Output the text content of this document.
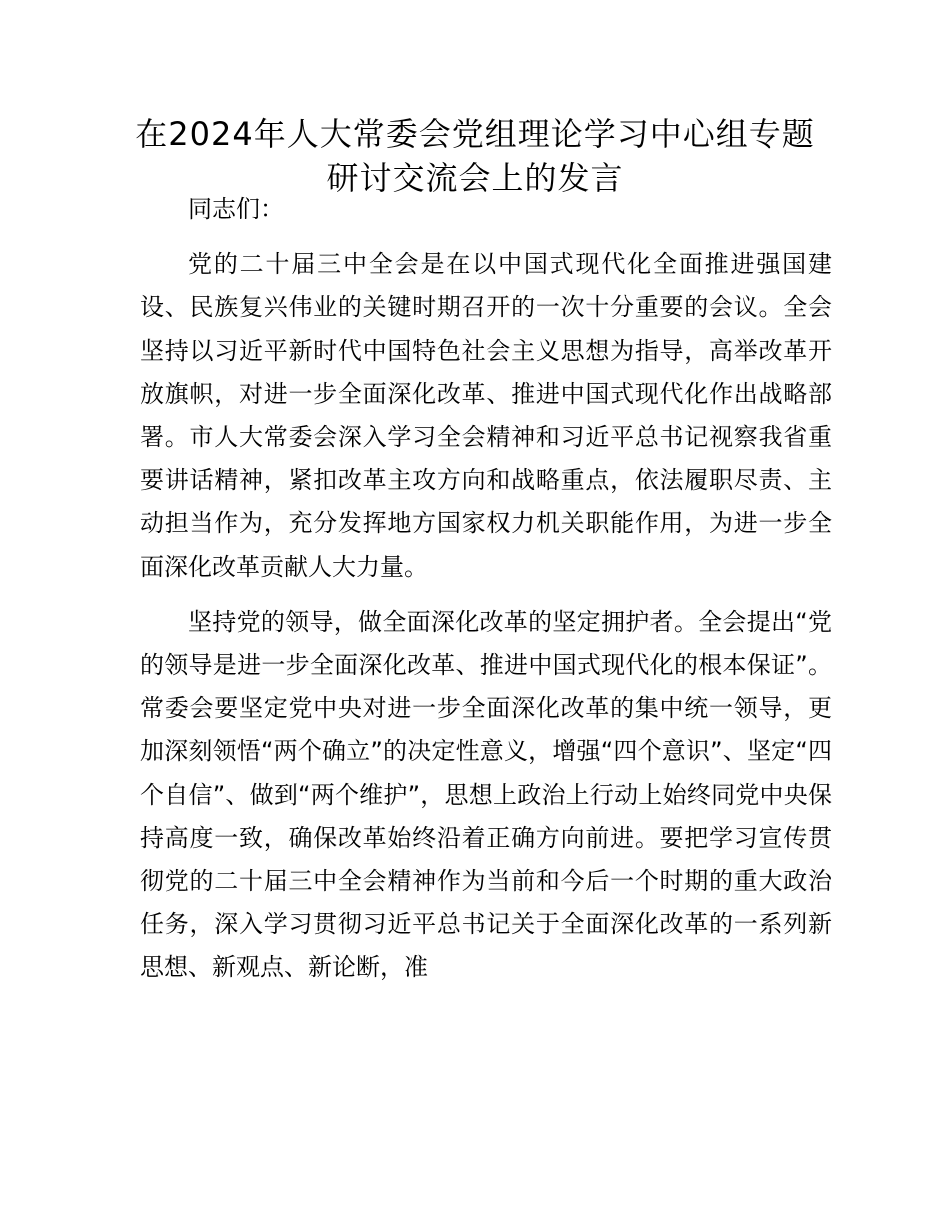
在2024年人大常委会党组理论学习中心组专题研讨交流会上的发言

同志们：

党的二十届三中全会是在以中国式现代化全面推进强国建设、民族复兴伟业的关键时期召开的一次十分重要的会议。全会坚持以习近平新时代中国特色社会主义思想为指导，高举改革开放旗帜，对进一步全面深化改革、推进中国式现代化作出战略部署。市人大常委会深入学习全会精神和习近平总书记视察我省重要讲话精神，紧扣改革主攻方向和战略重点，依法履职尽责、主动担当作为，充分发挥地方国家权力机关职能作用，为进一步全面深化改革贡献人大力量。

坚持党的领导，做全面深化改革的坚定拥护者。全会提出“党的领导是进一步全面深化改革、推进中国式现代化的根本保证”。常委会要坚定党中央对进一步全面深化改革的集中统一领导，更加深刻领悟“两个确立”的决定性意义，增强“四个意识”、坚定“四个自信”、做到“两个维护”，思想上政治上行动上始终同党中央保持高度一致，确保改革始终沿着正确方向前进。要把学习宣传贯彻党的二十届三中全会精神作为当前和今后一个时期的重大政治任务，深入学习贯彻习近平总书记关于全面深化改革的一系列新思想、新观点、新论断，准
